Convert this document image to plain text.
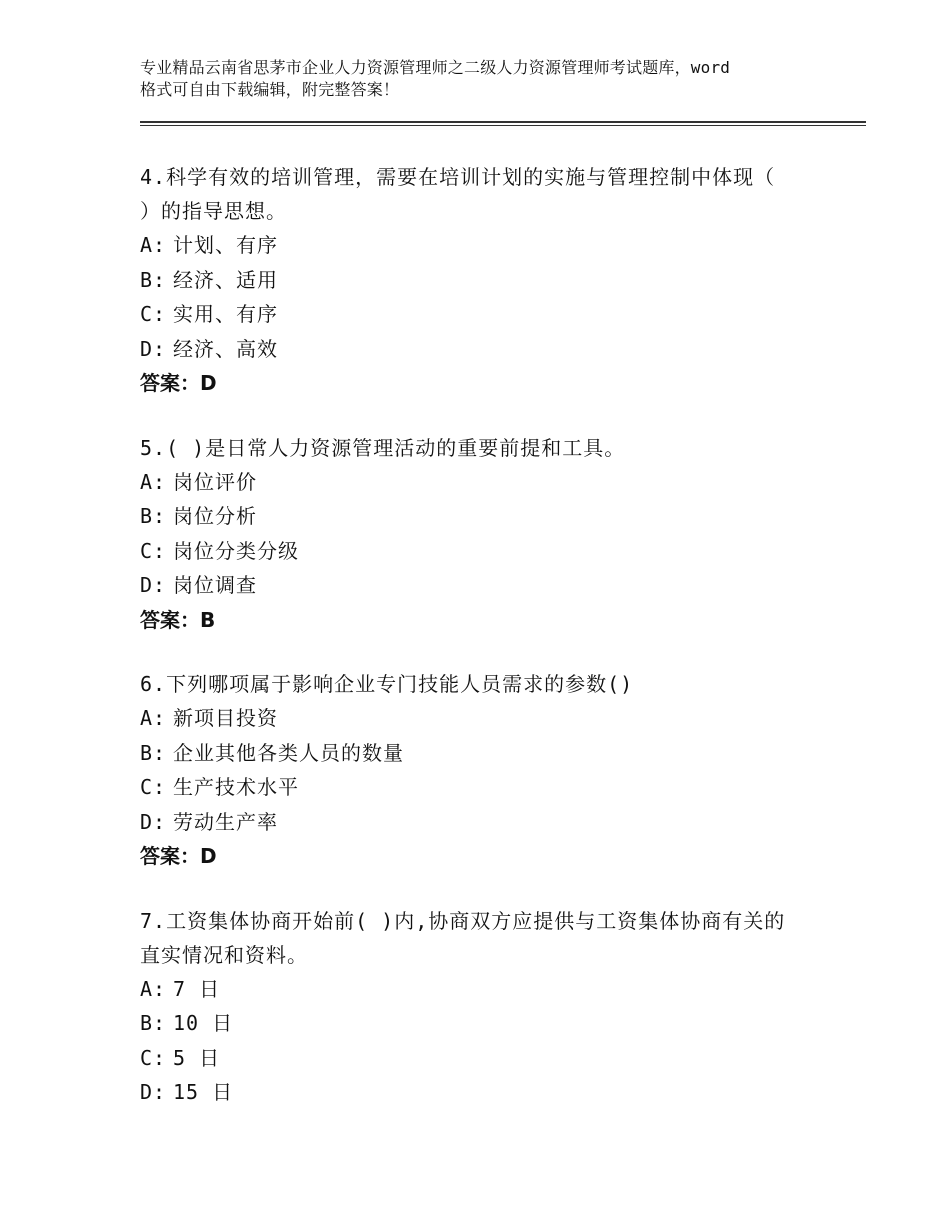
专业精品云南省思茅市企业人力资源管理师之二级人力资源管理师考试题库，word
格式可自由下载编辑，附完整答案！
4.科学有效的培训管理，需要在培训计划的实施与管理控制中体现（
）的指导思想。
A: 计划、有序
B: 经济、适用
C: 实用、有序
D: 经济、高效
答案：D
5.( )是日常人力资源管理活动的重要前提和工具。
A: 岗位评价
B: 岗位分析
C: 岗位分类分级
D: 岗位调查
答案：B
6.下列哪项属于影响企业专门技能人员需求的参数()
A: 新项目投资
B: 企业其他各类人员的数量
C: 生产技术水平
D: 劳动生产率
答案：D
7.工资集体协商开始前( )内,协商双方应提供与工资集体协商有关的
直实情况和资料。
A: 7 日
B: 10 日
C: 5 日
D: 15 日
